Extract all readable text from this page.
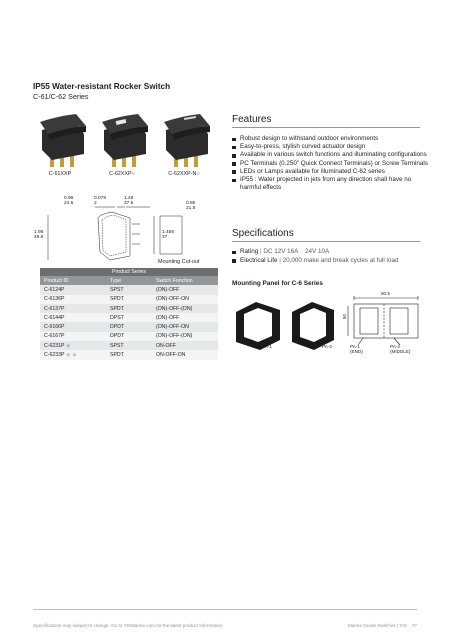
IP55 Water-resistant Rocker Switch
C-61/C-62 Series
C-61XXP	C-62XXP○	C-62XXP-N○
0.96
24.5
0.079
2
1.48
37.5	0.85
21.8
1.95
49.6
1.456
37
Mounting Cut-out
Product Series		
Product ID	Type	Switch Function
C-6124P	SPST	(ON)-OFF
C-6136P	SPDT	(ON)-OFF-ON
C-6137P	SPDT	(ON)-OFF-(ON)
C-6144P	DPST	(ON)-OFF
C-6166P	DPDT	(ON)-OFF-ON
C-6167P	DPDT	(ON)-OFF-(ON)
C-6231P ☼	SPST	ON-OFF
C-6233P ☼ ☼	SPDT	ON-OFF-ON
Features
Robust design to withstand outdoor environments
Easy-to-press, stylish curved actuator design
Available in various switch functions and illuminating configurations
PC Terminals (0.250” Quick Connect Terminals) or Screw Terminals
LEDs or Lamps available for illuminated C-62 series
IP55 : Water projected in jets from any direction shall have no harmful effects
Specifications
Rating | DC 12V 16A 24V 10A
Electrical Life | 20,000 make and break cycles at full load
Mounting Panel for C-6 Series
PA-1	PA-2	PA-1
(END)
PA-2
(MIDDLE)
90.5
50
Specifications may subject to change. Go to YISMarine.com for the latest product information.	Marine Grade Switches | YIS 77
